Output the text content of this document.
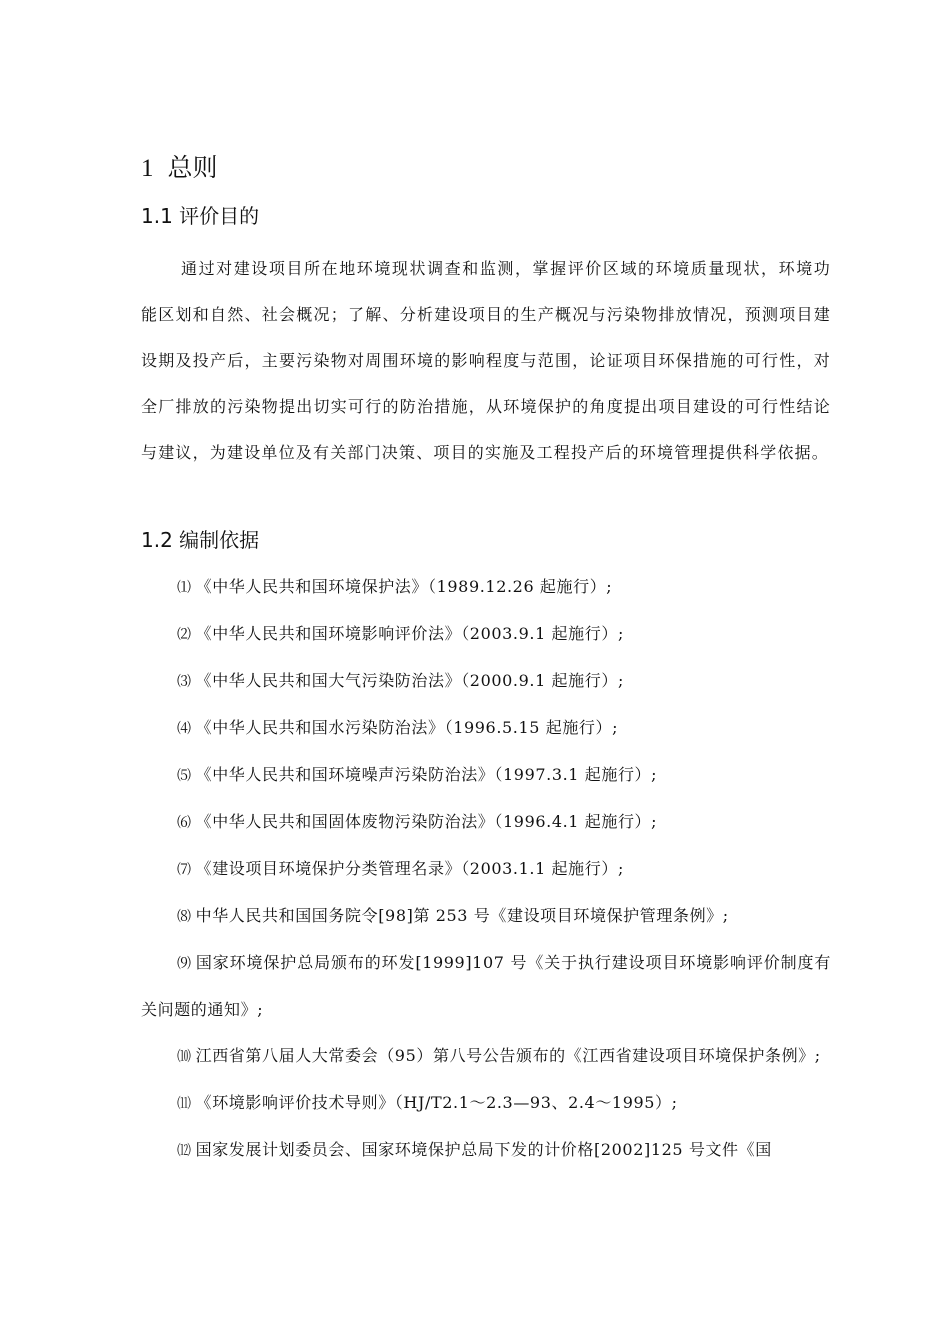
1 总则
1.1 评价目的

通过对建设项目所在地环境现状调查和监测，掌握评价区域的环境质量现状，环境功能区划和自然、社会概况；了解、分析建设项目的生产概况与污染物排放情况，预测项目建设期及投产后，主要污染物对周围环境的影响程度与范围，论证项目环保措施的可行性，对全厂排放的污染物提出切实可行的防治措施，从环境保护的角度提出项目建设的可行性结论与建议，为建设单位及有关部门决策、项目的实施及工程投产后的环境管理提供科学依据。

1.2 编制依据
⑴ 《中华人民共和国环境保护法》（1989.12.26 起施行）;
⑵ 《中华人民共和国环境影响评价法》（2003.9.1 起施行）;
⑶ 《中华人民共和国大气污染防治法》（2000.9.1 起施行）;
⑷ 《中华人民共和国水污染防治法》（1996.5.15 起施行）;
⑸ 《中华人民共和国环境噪声污染防治法》（1997.3.1 起施行）;
⑹ 《中华人民共和国固体废物污染防治法》（1996.4.1 起施行）;
⑺ 《建设项目环境保护分类管理名录》（2003.1.1 起施行）;
⑻ 中华人民共和国国务院令[98]第 253 号《建设项目环境保护管理条例》;
⑼ 国家环境保护总局颁布的环发[1999]107 号《关于执行建设项目环境影响评价制度有关问题的通知》;
⑽ 江西省第八届人大常委会（95）第八号公告颁布的《江西省建设项目环境保护条例》;
⑾ 《环境影响评价技术导则》（HJ/T2.1～2.3—93、2.4～1995）;
⑿ 国家发展计划委员会、国家环境保护总局下发的计价格[2002]125 号文件《国
